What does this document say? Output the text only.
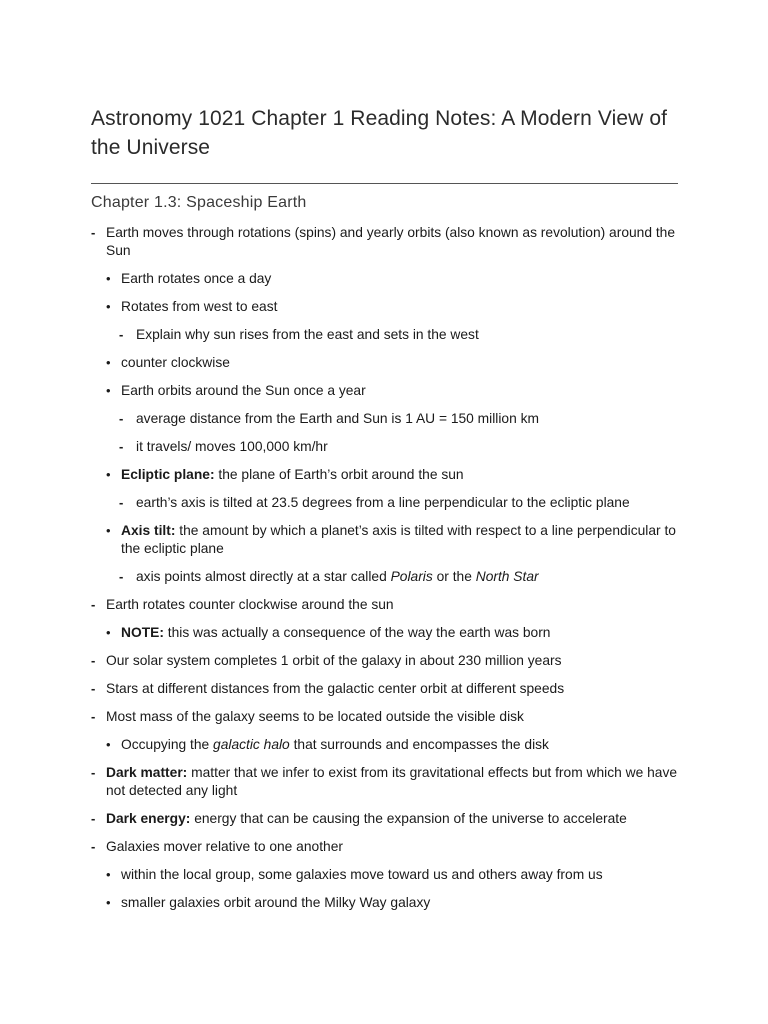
Astronomy 1021 Chapter 1 Reading Notes: A Modern View of the Universe
Chapter 1.3: Spaceship Earth
- Earth moves through rotations (spins) and yearly orbits (also known as revolution) around the Sun
• Earth rotates once a day
• Rotates from west to east
- Explain why sun rises from the east and sets in the west
• counter clockwise
• Earth orbits around the Sun once a year
- average distance from the Earth and Sun is 1 AU = 150 million km
- it travels/ moves 100,000 km/hr
• Ecliptic plane: the plane of Earth’s orbit around the sun
- earth’s axis is tilted at 23.5 degrees from a line perpendicular to the ecliptic plane
• Axis tilt: the amount by which a planet’s axis is tilted with respect to a line perpendicular to the ecliptic plane
- axis points almost directly at a star called Polaris or the North Star
- Earth rotates counter clockwise around the sun
• NOTE: this was actually a consequence of the way the earth was born
- Our solar system completes 1 orbit of the galaxy in about 230 million years
- Stars at different distances from the galactic center orbit at different speeds
- Most mass of the galaxy seems to be located outside the visible disk
• Occupying the galactic halo that surrounds and encompasses the disk
- Dark matter: matter that we infer to exist from its gravitational effects but from which we have not detected any light
- Dark energy: energy that can be causing the expansion of the universe to accelerate
- Galaxies mover relative to one another
• within the local group, some galaxies move toward us and others away from us
• smaller galaxies orbit around the Milky Way galaxy
